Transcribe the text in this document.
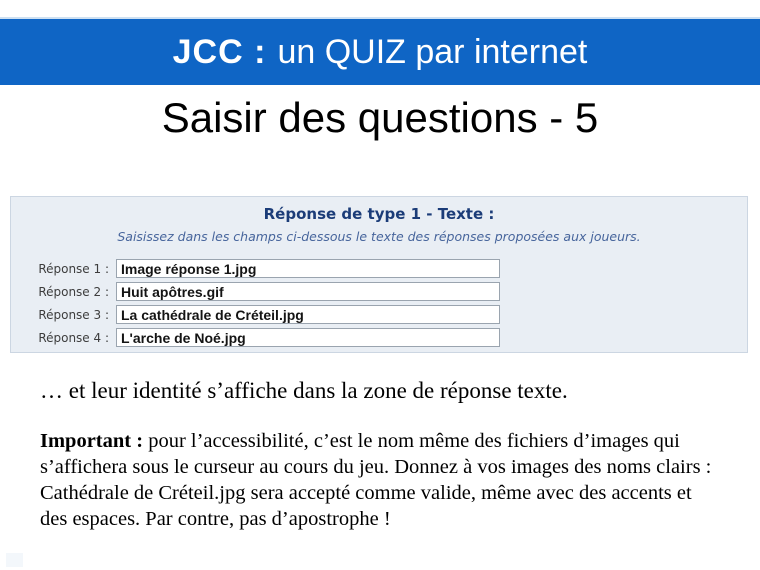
JCC : un QUIZ par internet
Saisir des questions - 5
Réponse de type 1 - Texte :
Saisissez dans les champs ci-dessous le texte des réponses proposées aux joueurs.
Réponse 1 :
Image réponse 1.jpg
Réponse 2 :
Huit apôtres.gif
Réponse 3 :
La cathédrale de Créteil.jpg
Réponse 4 :
L'arche de Noé.jpg

… et leur identité s’affiche dans la zone de réponse texte.

Important : pour l’accessibilité, c’est le nom même des fichiers d’images qui s’affichera sous le curseur au cours du jeu. Donnez à vos images des noms clairs : Cathédrale de Créteil.jpg sera accepté comme valide, même avec des accents et des espaces. Par contre, pas d’apostrophe !
